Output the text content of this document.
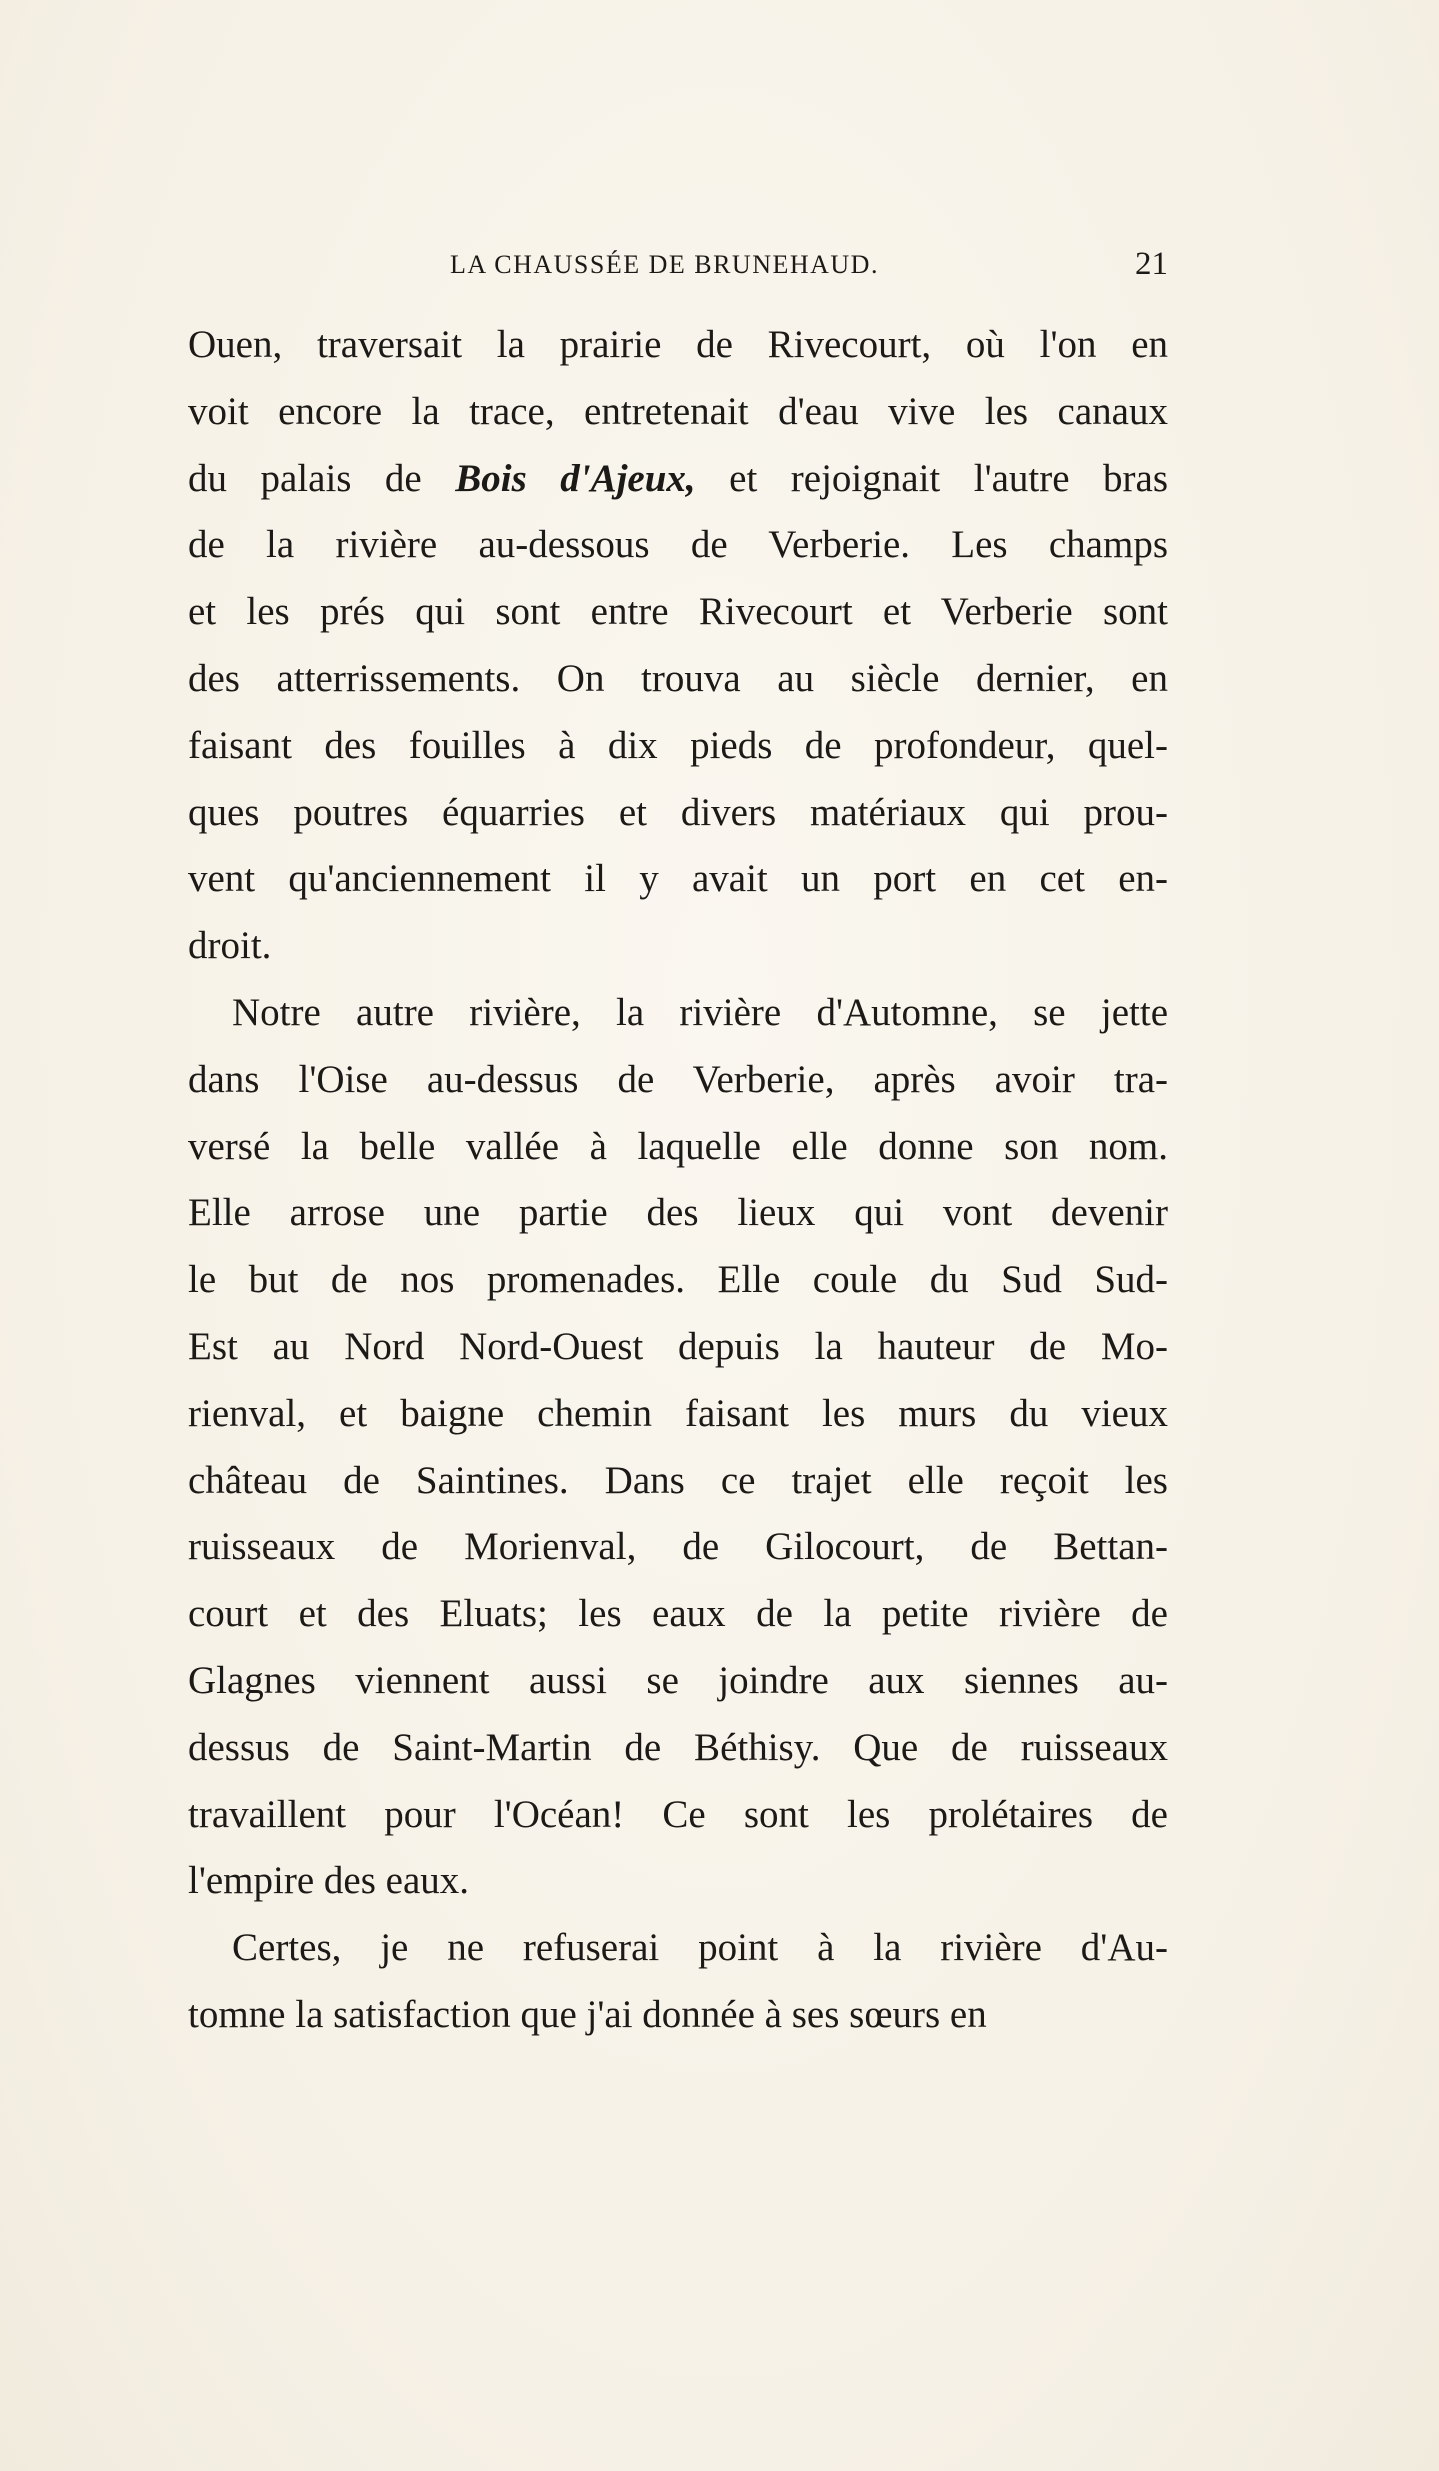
LA CHAUSSÉE DE BRUNEHAUD.	21
Ouen, traversait la prairie de Rivecourt, où l'on en
voit encore la trace, entretenait d'eau vive les canaux
du palais de Bois d'Ajeux, et rejoignait l'autre bras
de la rivière au-dessous de Verberie. Les champs
et les prés qui sont entre Rivecourt et Verberie sont
des atterrissements. On trouva au siècle dernier, en
faisant des fouilles à dix pieds de profondeur, quel-
ques poutres équarries et divers matériaux qui prou-
vent qu'anciennement il y avait un port en cet en-
droit.
Notre autre rivière, la rivière d'Automne, se jette
dans l'Oise au-dessus de Verberie, après avoir tra-
versé la belle vallée à laquelle elle donne son nom.
Elle arrose une partie des lieux qui vont devenir
le but de nos promenades. Elle coule du Sud Sud-
Est au Nord Nord-Ouest depuis la hauteur de Mo-
rienval, et baigne chemin faisant les murs du vieux
château de Saintines. Dans ce trajet elle reçoit les
ruisseaux de Morienval, de Gilocourt, de Bettan-
court et des Eluats; les eaux de la petite rivière de
Glagnes viennent aussi se joindre aux siennes au-
dessus de Saint-Martin de Béthisy. Que de ruisseaux
travaillent pour l'Océan! Ce sont les prolétaires de
l'empire des eaux.
Certes, je ne refuserai point à la rivière d'Au-
tomne la satisfaction que j'ai donnée à ses sœurs en
